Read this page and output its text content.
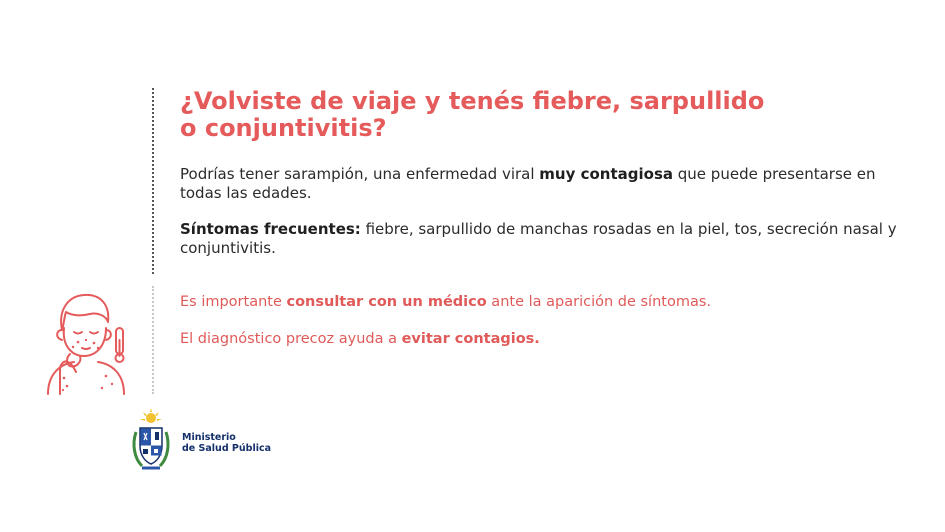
¿Volviste de viaje y tenés fiebre, sarpullido
o conjuntivitis?

Podrías tener sarampión, una enfermedad viral muy contagiosa que puede presentarse en todas las edades.

Síntomas frecuentes: fiebre, sarpullido de manchas rosadas en la piel, tos, secreción nasal y conjuntivitis.

Es importante consultar con un médico ante la aparición de síntomas.

El diagnóstico precoz ayuda a evitar contagios.

Ministerio
de Salud Pública
